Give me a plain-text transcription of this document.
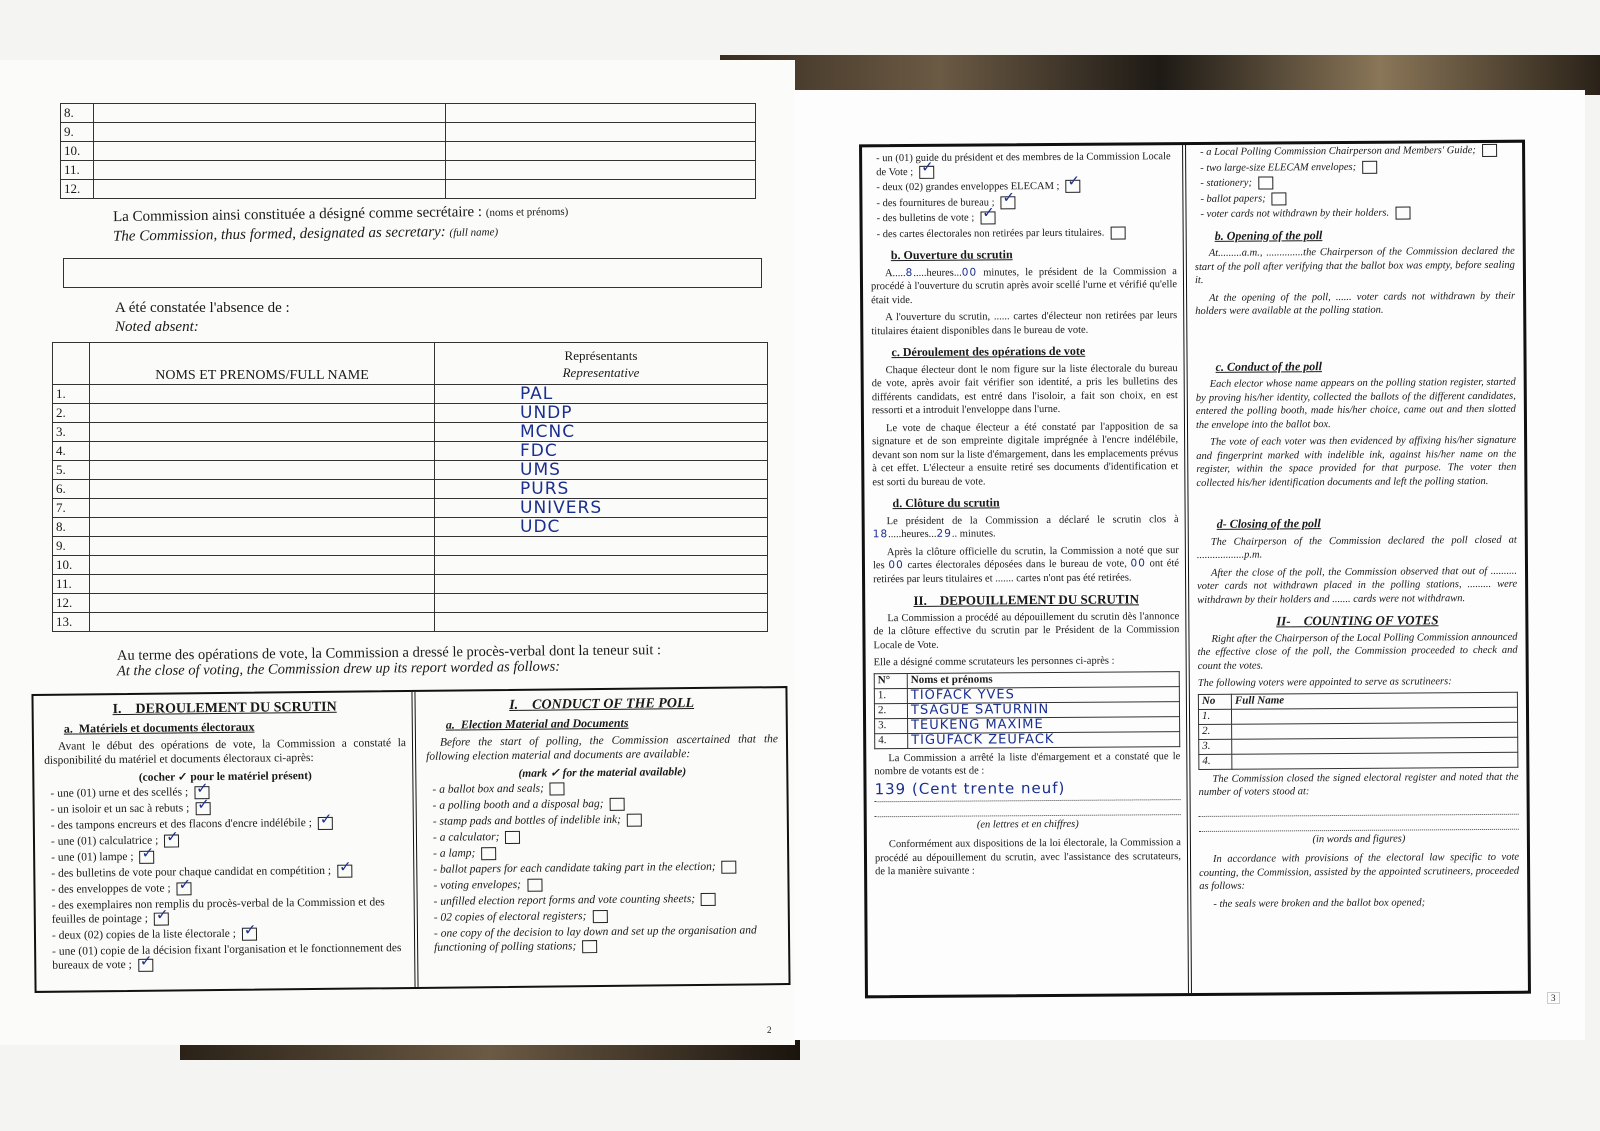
8.		
9.		
10.		
11.		
12.		
La Commission ainsi constituée a désigné comme secrétaire : (noms et prénoms)
The Commission, thus formed, designated as secretary: (full name)
A été constatée l'absence de :
Noted absent:
	NOMS ET PRENOMS/FULL NAME	Représentants
Representative
1.		PAL
2.		UNDP
3.		MCNC
4.		FDC
5.		UMS
6.		PURS
7.		UNIVERS
8.		UDC
9.		
10.		
11.		
12.		
13.		
Au terme des opérations de vote, la Commission a dressé le procès-verbal dont la teneur suit :
At the close of voting, the Commission drew up its report worded as follows:
I. DEROULEMENT DU SCRUTIN
a. Matériels et documents électoraux

Avant le début des opérations de vote, la Commission a constaté la disponibilité du matériel et documents électoraux ci-après:

(cocher ✓ pour le matériel présent)
- une (01) urne et des scellés ;✓
- un isoloir et un sac à rebuts ;✓
- des tampons encreurs et des flacons d'encre indélébile ;✓
- une (01) calculatrice ;✓
- une (01) lampe ;✓
- des bulletins de vote pour chaque candidat en compétition ;✓
- des enveloppes de vote ;✓
- des exemplaires non remplis du procès-verbal de la Commission et des feuilles de pointage ;✓
- deux (02) copies de la liste électorale ;✓
- une (01) copie de la décision fixant l'organisation et le fonctionnement des bureaux de vote ;✓
I. CONDUCT OF THE POLL
a. Election Material and Documents

Before the start of polling, the Commission ascertained that the following election material and documents are available:

(mark ✓ for the material available)
- a ballot box and seals;
- a polling booth and a disposal bag;
- stamp pads and bottles of indelible ink;
- a calculator;
- a lamp;
- ballot papers for each candidate taking part in the election;
- voting envelopes;
- unfilled election report forms and vote counting sheets;
- 02 copies of electoral registers;
- one copy of the decision to lay down and set up the organisation and functioning of polling stations;
2
- un (01) guide du président et des membres de la Commission Locale de Vote ;✓
- deux (02) grandes enveloppes ELECAM ;✓
- des fournitures de bureau ;✓
- des bulletins de vote ;✓
- des cartes électorales non retirées par leurs titulaires.
b. Ouverture du scrutin

A.....8.....heures...00 minutes, le président de la Commission a procédé à l'ouverture du scrutin après avoir scellé l'urne et vérifié qu'elle était vide.

A l'ouverture du scrutin, ...... cartes d'électeur non retirées par leurs titulaires étaient disponibles dans le bureau de vote.

c. Déroulement des opérations de vote

Chaque électeur dont le nom figure sur la liste électorale du bureau de vote, après avoir fait vérifier son identité, a pris les bulletins des différents candidats, est entré dans l'isoloir, a fait son choix, en est ressorti et a introduit l'enveloppe dans l'urne.

Le vote de chaque électeur a été constaté par l'apposition de sa signature et de son empreinte digitale imprégnée à l'encre indélébile, devant son nom sur la liste d'émargement, dans les emplacements prévus à cet effet. L'électeur a ensuite retiré ses documents d'identification et est sorti du bureau de vote.

d. Clôture du scrutin

Le président de la Commission a déclaré le scrutin clos à 18.....heures...29.. minutes.

Après la clôture officielle du scrutin, la Commission a noté que sur les 00 cartes électorales déposées dans le bureau de vote, 00 ont été retirées par leurs titulaires et ....... cartes n'ont pas été retirées.

II. DEPOUILLEMENT DU SCRUTIN

La Commission a procédé au dépouillement du scrutin dès l'annonce de la clôture effective du scrutin par le Président de la Commission Locale de Vote.

Elle a désigné comme scrutateurs les personnes ci-après :
N°	Noms et prénoms
1.	TIOFACK YVES
2.	TSAGUE SATURNIN
3.	TEUKENG MAXIME
4.	TIGUFACK ZEUFACK

La Commission a arrêté la liste d'émargement et a constaté que le nombre de votants est de :

139 (Cent trente neuf)
(en lettres et en chiffres)

Conformément aux dispositions de la loi électorale, la Commission a procédé au dépouillement du scrutin, avec l'assistance des scrutateurs, de la manière suivante :

- a Local Polling Commission Chairperson and Members' Guide;
- two large-size ELECAM envelopes;
- stationery;
- ballot papers;
- voter cards not withdrawn by their holders.
b. Opening of the poll

At.........a.m., ..............the Chairperson of the Commission declared the start of the poll after verifying that the ballot box was empty, before sealing it.

At the opening of the poll, ...... voter cards not withdrawn by their holders were available at the polling station.

c. Conduct of the poll

Each elector whose name appears on the polling station register, started by proving his/her identity, collected the ballots of the different candidates, entered the polling booth, made his/her choice, came out and then slotted the envelope into the ballot box.

The vote of each voter was then evidenced by affixing his/her signature and fingerprint marked with indelible ink, against his/her name on the register, within the space provided for that purpose. The voter then collected his/her identification documents and left the polling station.

d- Closing of the poll

The Chairperson of the Commission declared the poll closed at ..................p.m.

After the close of the poll, the Commission observed that out of .......... voter cards not withdrawn placed in the polling stations, ......... were withdrawn by their holders and ....... cards were not withdrawn.

II- COUNTING OF VOTES

Right after the Chairperson of the Local Polling Commission announced the effective close of the poll, the Commission proceeded to check and count the votes.

The following voters were appointed to serve as scrutineers:
No	Full Name
1.	
2.	
3.	
4.	

The Commission closed the signed electoral register and noted that the number of voters stood at:

(in words and figures)

In accordance with provisions of the electoral law specific to vote counting, the Commission, assisted by the appointed scrutineers, proceeded as follows:

- the seals were broken and the ballot box opened;
3
